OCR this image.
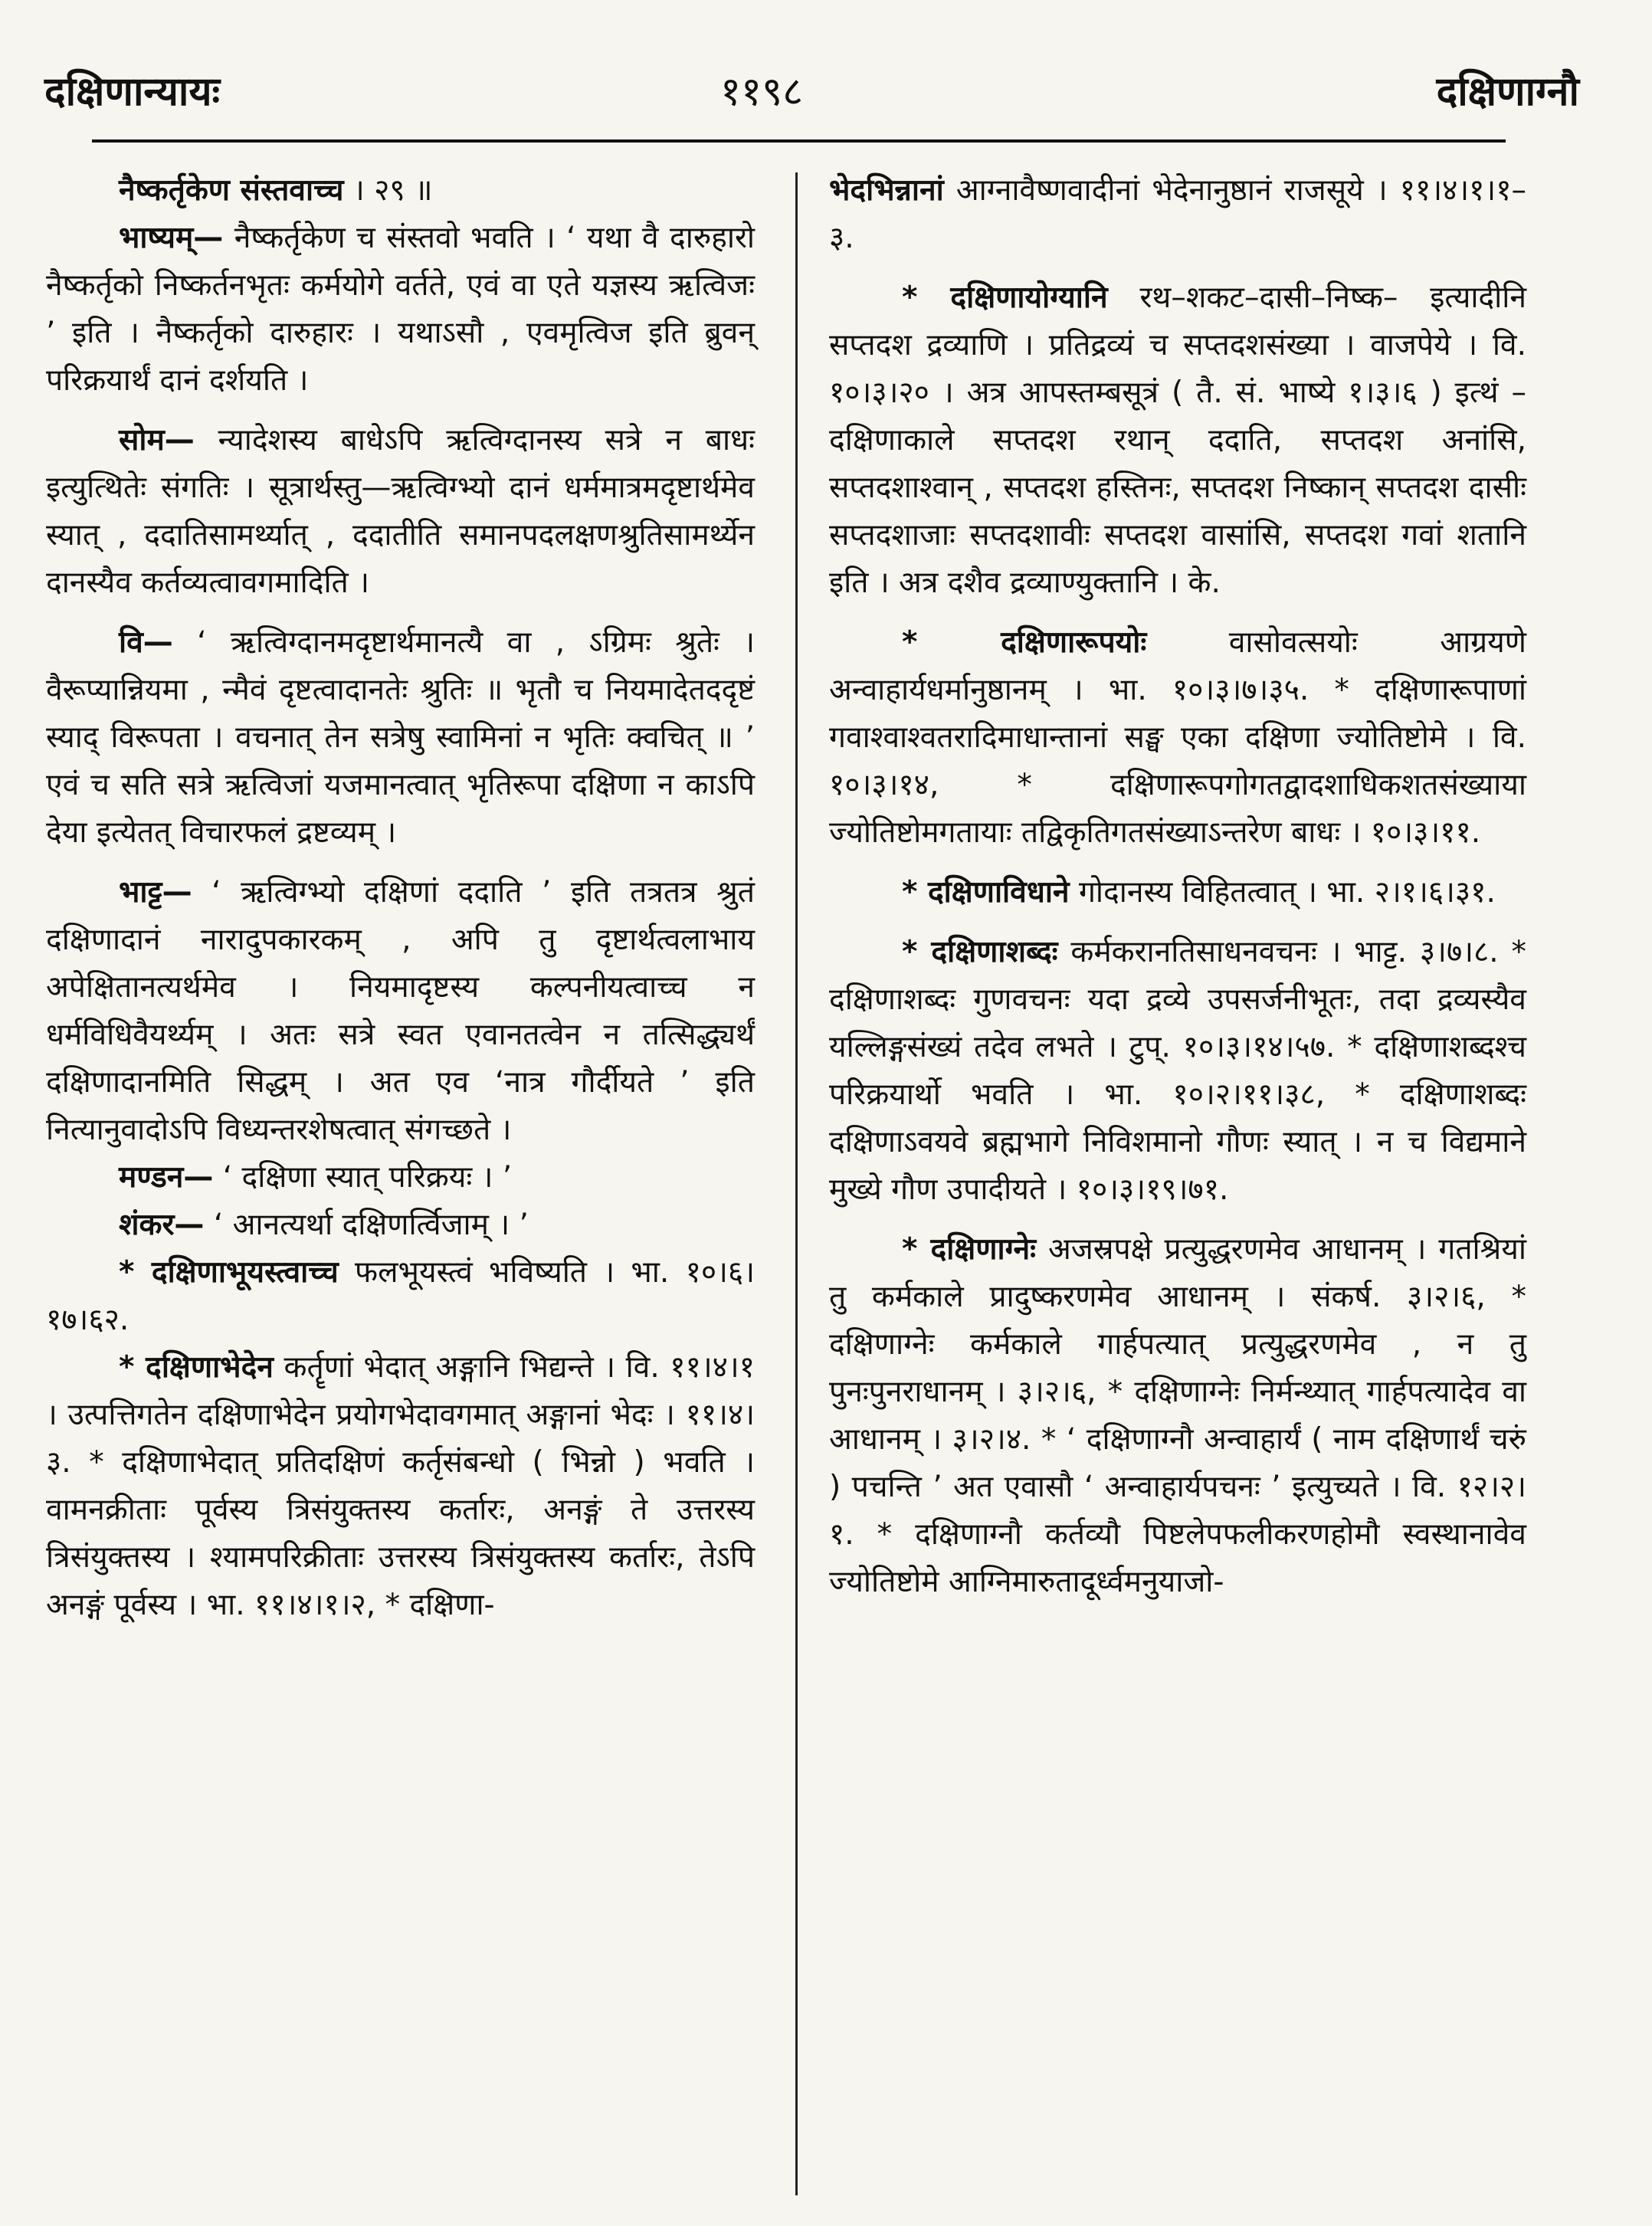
दक्षिणान्यायः	११९८	दक्षिणाग्नौ

नैष्कर्तृकेण संस्तवाच्च । २९ ॥

भाष्यम्— नैष्कर्तृकेण च संस्तवो भवति । ‘ यथा वै दारुहारो नैष्कर्तृको निष्कर्तनभृतः कर्मयोगे वर्तते, एवं वा एते यज्ञस्य ऋत्विजः ’ इति । नैष्कर्तृको दारुहारः । यथाऽसौ , एवमृत्विज इति ब्रुवन् परिक्रयार्थं दानं दर्शयति ।

सोम— न्यादेशस्य बाधेऽपि ऋत्विग्दानस्य सत्रे न बाधः इत्युत्थितेः संगतिः । सूत्रार्थस्तु—ऋत्विग्भ्यो दानं धर्ममात्रमदृष्टार्थमेव स्यात् , ददातिसामर्थ्यात् , ददातीति समानपदलक्षणश्रुतिसामर्थ्येन दानस्यैव कर्तव्यत्वावगमादिति ।

वि— ‘ ऋत्विग्दानमदृष्टार्थमानत्यै वा , ऽग्रिमः श्रुतेः । वैरूप्यान्नियमा , न्मैवं दृष्टत्वादानतेः श्रुतिः ॥ भृतौ च नियमादेतददृष्टं स्याद् विरूपता । वचनात् तेन सत्रेषु स्वामिनां न भृतिः क्वचित् ॥ ’ एवं च सति सत्रे ऋत्विजां यजमानत्वात् भृतिरूपा दक्षिणा न काऽपि देया इत्येतत् विचारफलं द्रष्टव्यम् ।

भाट्ट— ‘ ऋत्विग्भ्यो दक्षिणां ददाति ’ इति तत्रतत्र श्रुतं दक्षिणादानं नारादुपकारकम् , अपि तु दृष्टार्थत्वलाभाय अपेक्षितानत्यर्थमेव । नियमादृष्टस्य कल्पनीयत्वाच्च न धर्मविधिवैयर्थ्यम् । अतः सत्रे स्वत एवानतत्वेन न तत्सिद्ध्यर्थं दक्षिणादानमिति सिद्धम् । अत एव ‘नात्र गौर्दीयते ’ इति नित्यानुवादोऽपि विध्यन्तरशेषत्वात् संगच्छते ।

मण्डन— ‘ दक्षिणा स्यात् परिक्रयः । ’

शंकर— ‘ आनत्यर्था दक्षिणर्त्विजाम् । ’

* दक्षिणाभूयस्त्वाच्च फलभूयस्त्वं भविष्यति । भा. १०।६।१७।६२.

* दक्षिणाभेदेन कर्तॄणां भेदात् अङ्गानि भिद्यन्ते । वि. ११।४।१ । उत्पत्तिगतेन दक्षिणाभेदेन प्रयोगभेदावगमात् अङ्गानां भेदः । ११।४।३. * दक्षिणाभेदात् प्रतिदक्षिणं कर्तृसंबन्धो ( भिन्नो ) भवति । वामनक्रीताः पूर्वस्य त्रिसंयुक्तस्य कर्तारः, अनङ्गं ते उत्तरस्य त्रिसंयुक्तस्य । श्यामपरिक्रीताः उत्तरस्य त्रिसंयुक्तस्य कर्तारः, तेऽपि अनङ्गं पूर्वस्य । भा. ११।४।१।२, * दक्षिणा-

भेदभिन्नानां आग्नावैष्णवादीनां भेदेनानुष्ठानं राजसूये । ११।४।१।१–३.

* दक्षिणायोग्यानि रथ–शकट–दासी–निष्क– इत्यादीनि सप्तदश द्रव्याणि । प्रतिद्रव्यं च सप्तदशसंख्या । वाजपेये । वि. १०।३।२० । अत्र आपस्तम्बसूत्रं ( तै. सं. भाष्ये १।३।६ ) इत्थं – दक्षिणाकाले सप्तदश रथान् ददाति, सप्तदश अनांसि, सप्तदशाश्वान् , सप्तदश हस्तिनः, सप्तदश निष्कान् सप्तदश दासीः सप्तदशाजाः सप्तदशावीः सप्तदश वासांसि, सप्तदश गवां शतानि इति । अत्र दशैव द्रव्याण्युक्तानि । के.

* दक्षिणारूपयोः वासोवत्सयोः आग्रयणे अन्वाहार्यधर्मानुष्ठानम् । भा. १०।३।७।३५. * दक्षिणारूपाणां गवाश्वाश्वतरादिमाधान्तानां सङ्घ एका दक्षिणा ज्योतिष्टोमे । वि. १०।३।१४, * दक्षिणारूपगोगतद्वादशाधिकशतसंख्याया ज्योतिष्टोमगतायाः तद्विकृतिगतसंख्याऽन्तरेण बाधः । १०।३।११.

* दक्षिणाविधाने गोदानस्य विहितत्वात् । भा. २।१।६।३१.

* दक्षिणाशब्दः कर्मकरानतिसाधनवचनः । भाट्ट. ३।७।८. * दक्षिणाशब्दः गुणवचनः यदा द्रव्ये उपसर्जनीभूतः, तदा द्रव्यस्यैव यल्लिङ्गसंख्यं तदेव लभते । टुप्. १०।३।१४।५७. * दक्षिणाशब्दश्च परिक्रयार्थो भवति । भा. १०।२।११।३८, * दक्षिणाशब्दः दक्षिणाऽवयवे ब्रह्मभागे निविशमानो गौणः स्यात् । न च विद्यमाने मुख्ये गौण उपादीयते । १०।३।१९।७१.

* दक्षिणाग्नेः अजस्रपक्षे प्रत्युद्धरणमेव आधानम् । गतश्रियां तु कर्मकाले प्रादुष्करणमेव आधानम् । संकर्ष. ३।२।६, * दक्षिणाग्नेः कर्मकाले गार्हपत्यात् प्रत्युद्धरणमेव , न तु पुनःपुनराधानम् । ३।२।६, * दक्षिणाग्नेः निर्मन्थ्यात् गार्हपत्यादेव वा आधानम् । ३।२।४. * ‘ दक्षिणाग्नौ अन्वाहार्यं ( नाम दक्षिणार्थं चरुं ) पचन्ति ’ अत एवासौ ‘ अन्वाहार्यपचनः ’ इत्युच्यते । वि. १२।२।१. * दक्षिणाग्नौ कर्तव्यौ पिष्टलेपफलीकरणहोमौ स्वस्थानावेव ज्योतिष्टोमे आग्निमारुतादूर्ध्वमनुयाजो-
